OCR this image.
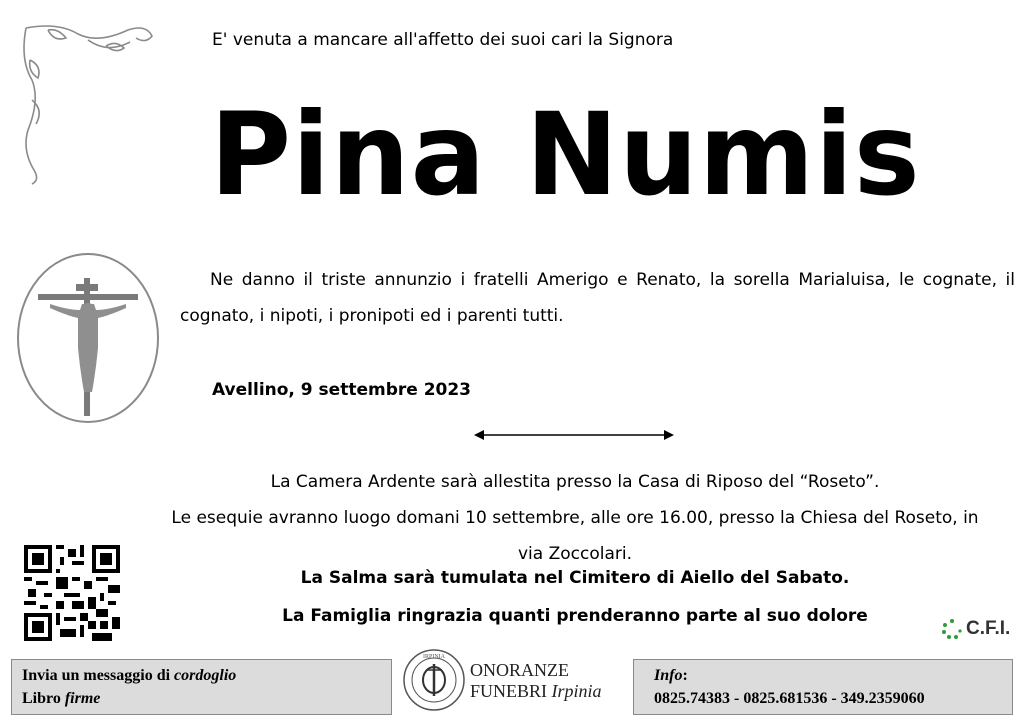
E' venuta a mancare all'affetto dei suoi cari la Signora
Pina Numis
Ne danno il triste annunzio i fratelli Amerigo e Renato, la sorella Marialuisa, le cognate, il cognato, i nipoti, i pronipoti ed i parenti tutti.
Avellino, 9 settembre 2023
La Camera Ardente sarà allestita presso la Casa di Riposo del “Roseto”.
Le esequie avranno luogo domani 10 settembre, alle ore 16.00, presso la Chiesa del Roseto, in via Zoccolari.
La Salma sarà tumulata nel Cimitero di Aiello del Sabato.
La Famiglia ringrazia quanti prenderanno parte al suo dolore
C.F.I.
Invia un messaggio di cordoglio
Libro firme
IRPINIA
ONORANZE
FUNEBRI Irpinia
Info:
0825.74383 - 0825.681536 - 349.2359060
